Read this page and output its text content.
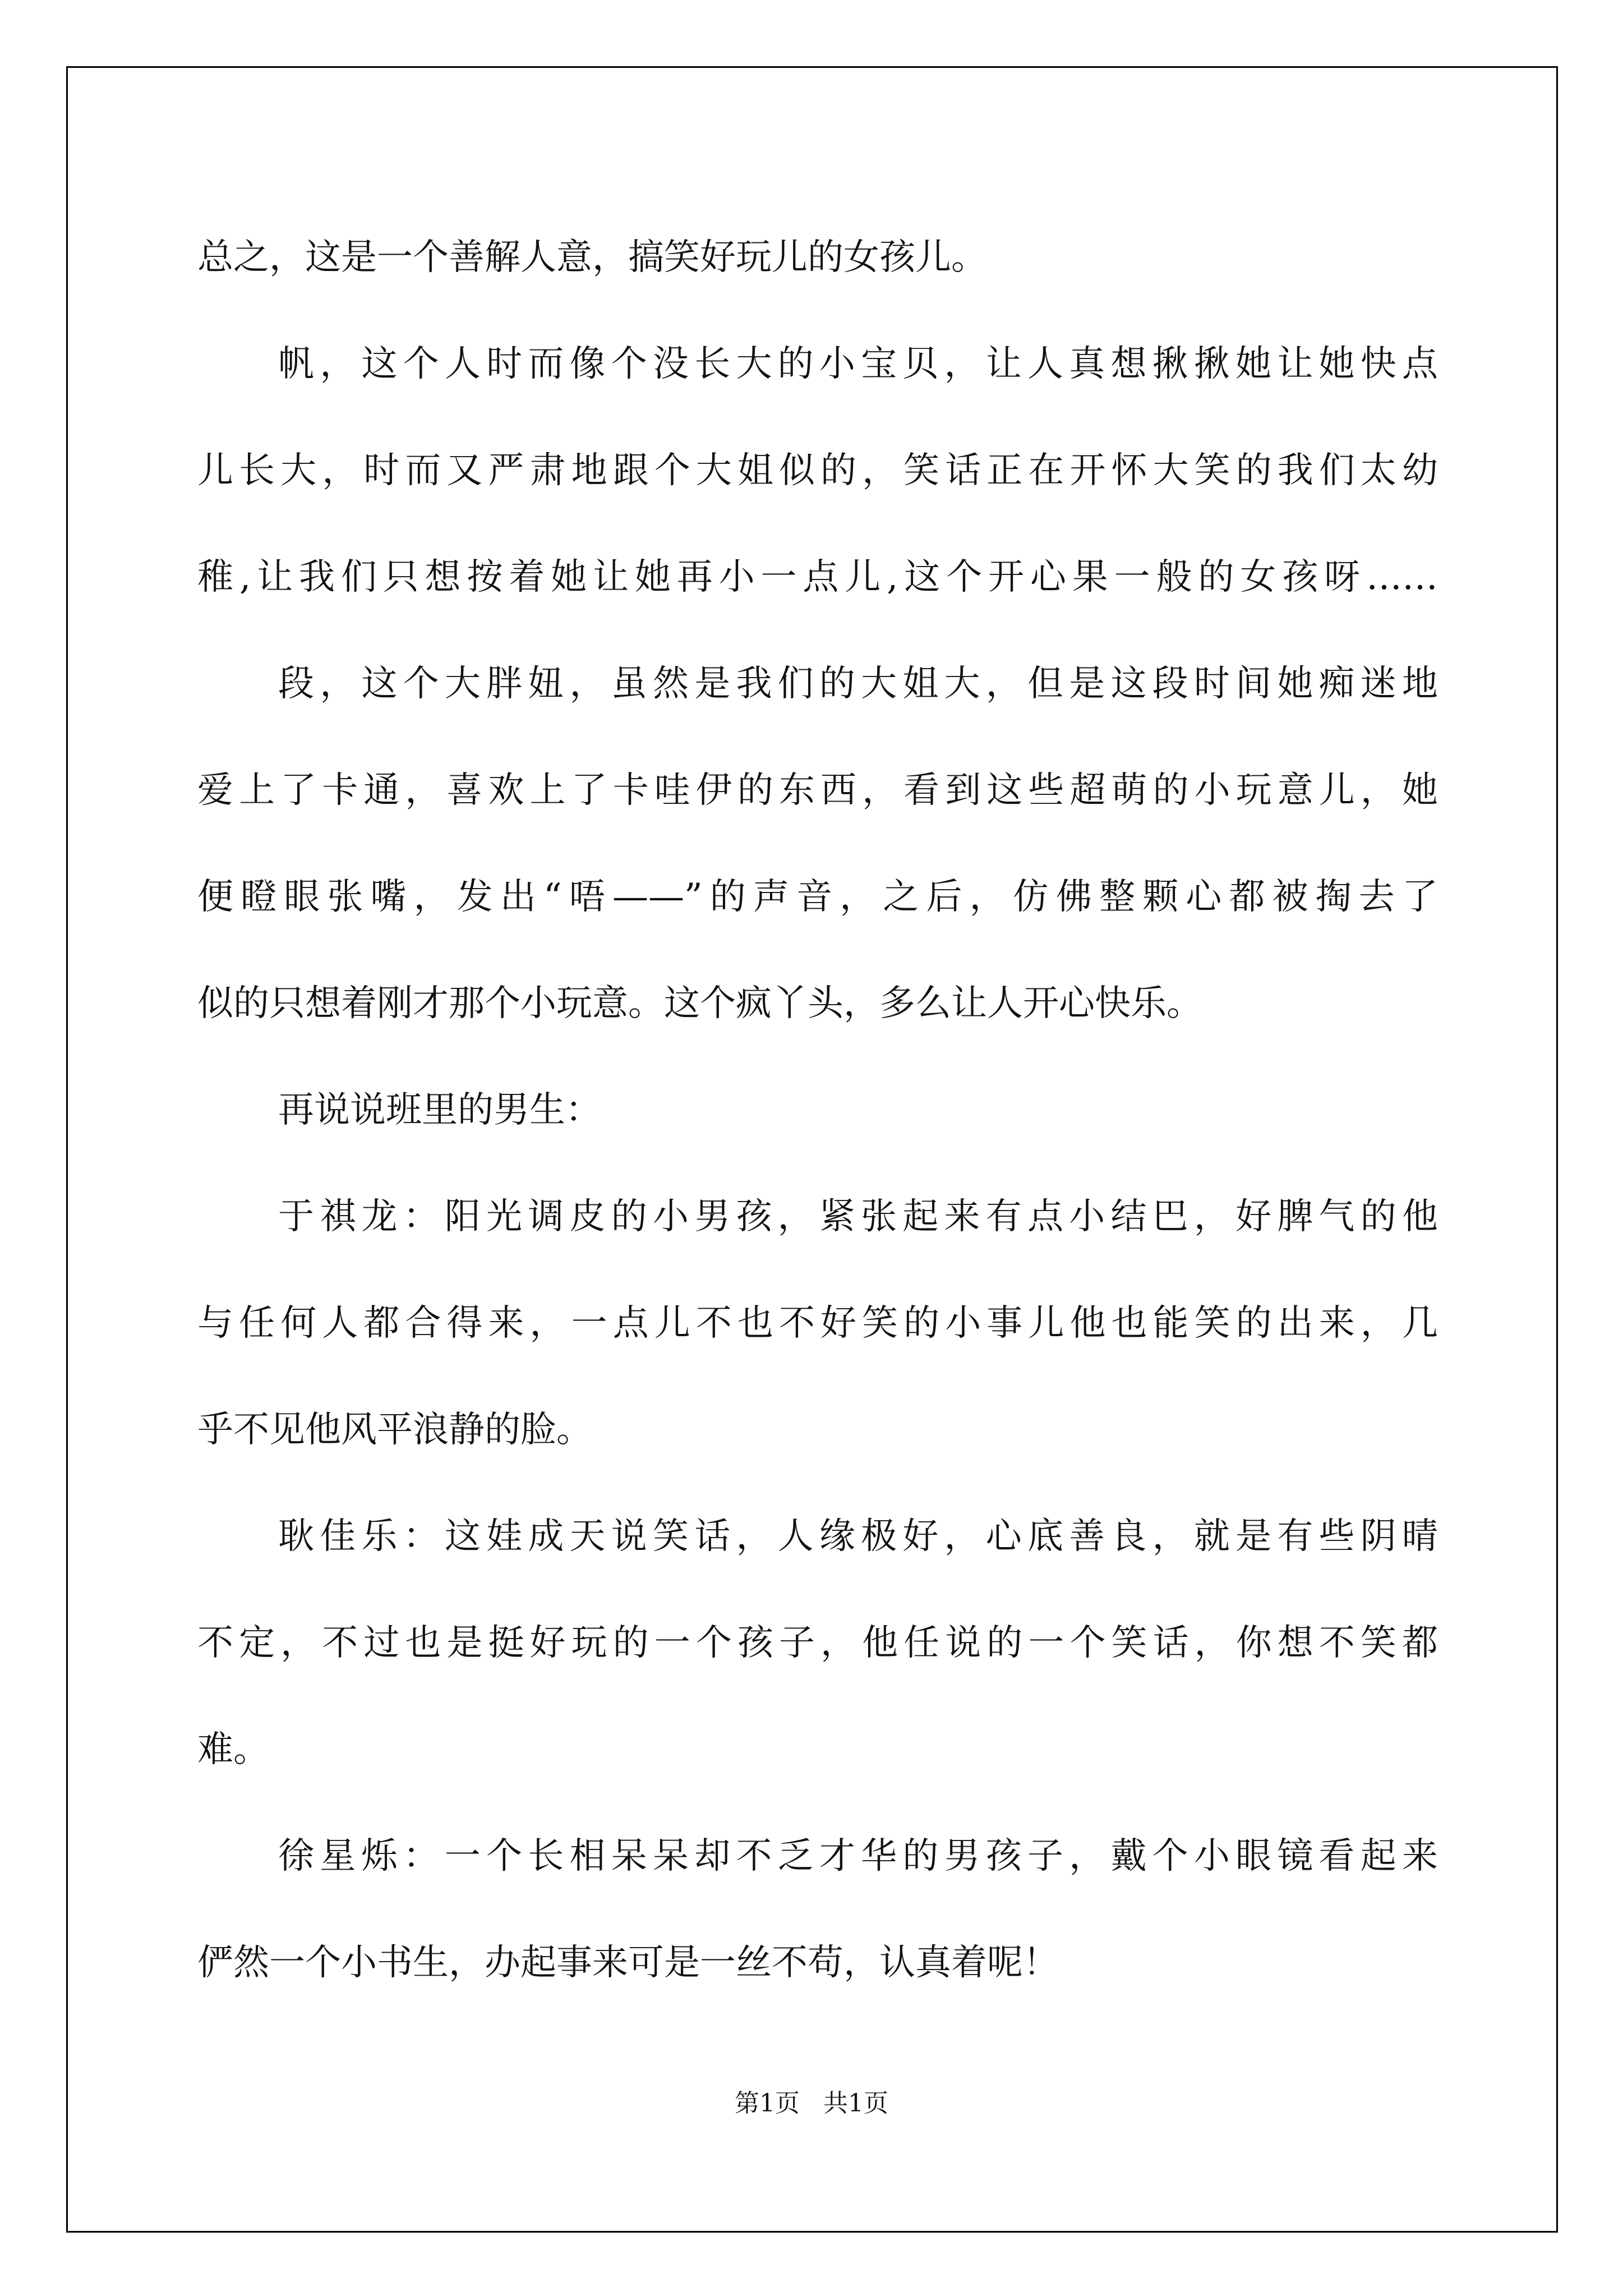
总之，这是一个善解人意，搞笑好玩儿的女孩儿。
帆，这个人时而像个没长大的小宝贝，让人真想揪揪她让她快点
儿长大，时而又严肃地跟个大姐似的，笑话正在开怀大笑的我们太幼
稚,让我们只想按着她让她再小一点儿,这个开心果一般的女孩呀……
段，这个大胖妞，虽然是我们的大姐大，但是这段时间她痴迷地
爱上了卡通，喜欢上了卡哇伊的东西，看到这些超萌的小玩意儿，她
便瞪眼张嘴，发出“唔——”的声音，之后，仿佛整颗心都被掏去了
似的只想着刚才那个小玩意。这个疯丫头，多么让人开心快乐。
再说说班里的男生：
于祺龙：阳光调皮的小男孩，紧张起来有点小结巴，好脾气的他
与任何人都合得来，一点儿不也不好笑的小事儿他也能笑的出来，几
乎不见他风平浪静的脸。
耿佳乐：这娃成天说笑话，人缘极好，心底善良，就是有些阴晴
不定，不过也是挺好玩的一个孩子，他任说的一个笑话，你想不笑都
难。
徐星烁：一个长相呆呆却不乏才华的男孩子，戴个小眼镜看起来
俨然一个小书生，办起事来可是一丝不苟，认真着呢！
第1页 共1页
